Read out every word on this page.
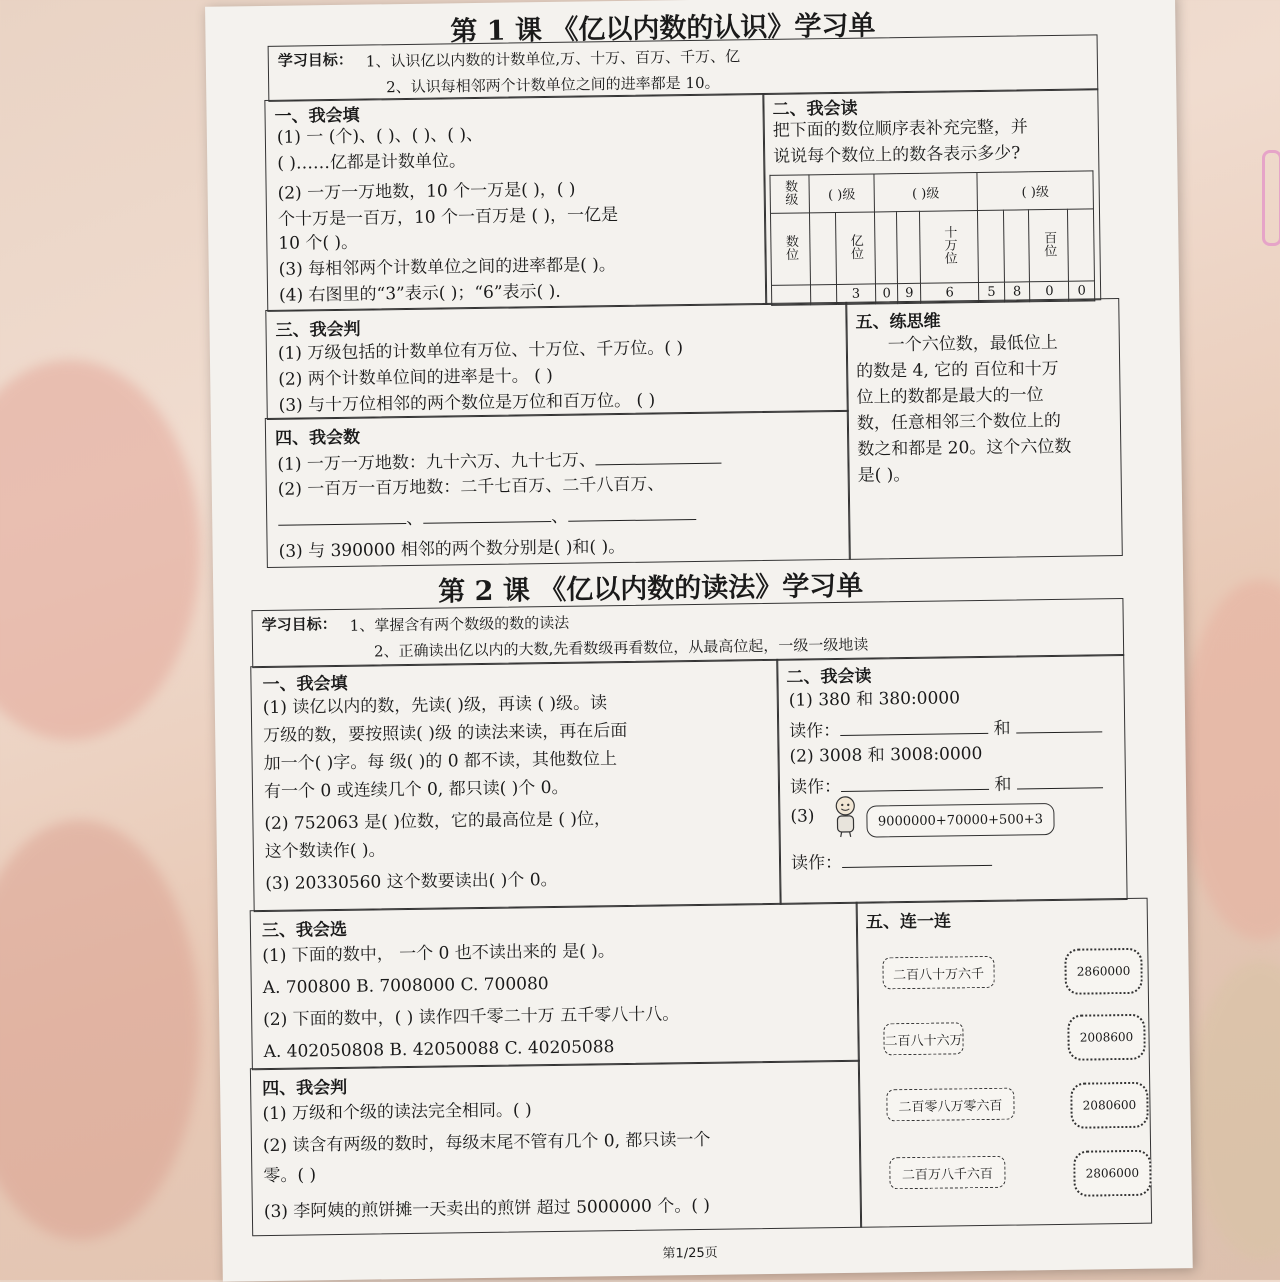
第 1 课 《亿以内数的认识》学习单
学习目标： 1、认识亿以内数的计数单位,万、十万、百万、千万、亿
2、认识每相邻两个计数单位之间的进率都是 10。
一、我会填
(1) 一 (个)、( )、( )、( )、
( )……亿都是计数单位。
(2) 一万一万地数，10 个一万是( )，( )
个十万是一百万，10 个一百万是 ( )，一亿是
10 个( )。
(3) 每相邻两个计数单位之间的进率都是( )。
(4) 右图里的“3”表示( )；“6”表示( ).
二、我会读
把下面的数位顺序表补充完整，并
说说每个数位上的数各表示多少?
数级	( )级		( )级			( )级			
数位		亿位			十万位			百位	
		3	0	9	6	5	8	0	0
三、我会判
(1) 万级包括的计数单位有万位、十万位、千万位。( )
(2) 两个计数单位间的进率是十。 ( )
(3) 与十万位相邻的两个数位是万位和百万位。 ( )
四、我会数
(1) 一万一万地数：九十六万、九十七万、
(2) 一百万一百万地数：二千七百万、二千八百万、
、	、
(3) 与 390000 相邻的两个数分别是( )和( )。
五、练思维
一个六位数，最低位上
的数是 4, 它的 百位和十万
位上的数都是最大的一位
数，任意相邻三个数位上的
数之和都是 20。这个六位数
是( )。
第 2 课 《亿以内数的读法》学习单
学习目标： 1、掌握含有两个数级的数的读法
2、正确读出亿以内的大数,先看数级再看数位，从最高位起，一级一级地读
一、我会填
(1) 读亿以内的数，先读( )级，再读 ( )级。读
万级的数，要按照读( )级 的读法来读，再在后面
加一个( )字。每 级( )的 0 都不读，其他数位上
有一个 0 或连续几个 0, 都只读( )个 0。
(2) 752063 是( )位数，它的最高位是 ( )位，
这个数读作( )。
(3) 20330560 这个数要读出( )个 0。
二、我会读
(1) 380 和 380:0000
读作：	和
(2) 3008 和 3008:0000
读作：	和
(3)	9000000+70000+500+3
读作：
三、我会选
(1) 下面的数中， 一个 0 也不读出来的 是( )。
A. 700800 B. 7008000 C. 700080
(2) 下面的数中，( ) 读作四千零二十万 五千零八十八。
A. 402050808 B. 42050088 C. 40205088
四、我会判
(1) 万级和个级的读法完全相同。( )
(2) 读含有两级的数时，每级末尾不管有几个 0, 都只读一个
零。( )
(3) 李阿姨的煎饼摊一天卖出的煎饼 超过 5000000 个。( )
五、连一连
二百八十万六千
二百八十六万
二百零八万零六百
二百万八千六百
2860000
2008600
2080600
2806000
第1/25页
